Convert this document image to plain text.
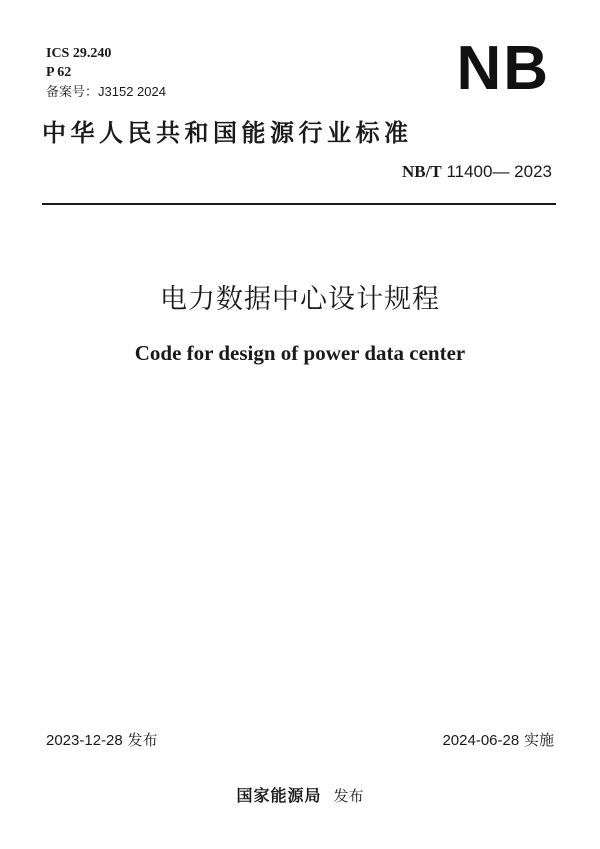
ICS 29.240
P 62
备案号：J3152 2024	NB
中华人民共和国能源行业标准
NB/T 11400— 2023
电力数据中心设计规程
Code for design of power data center
2023-12-28 发布	2024-06-28 实施
国家能源局 发布
